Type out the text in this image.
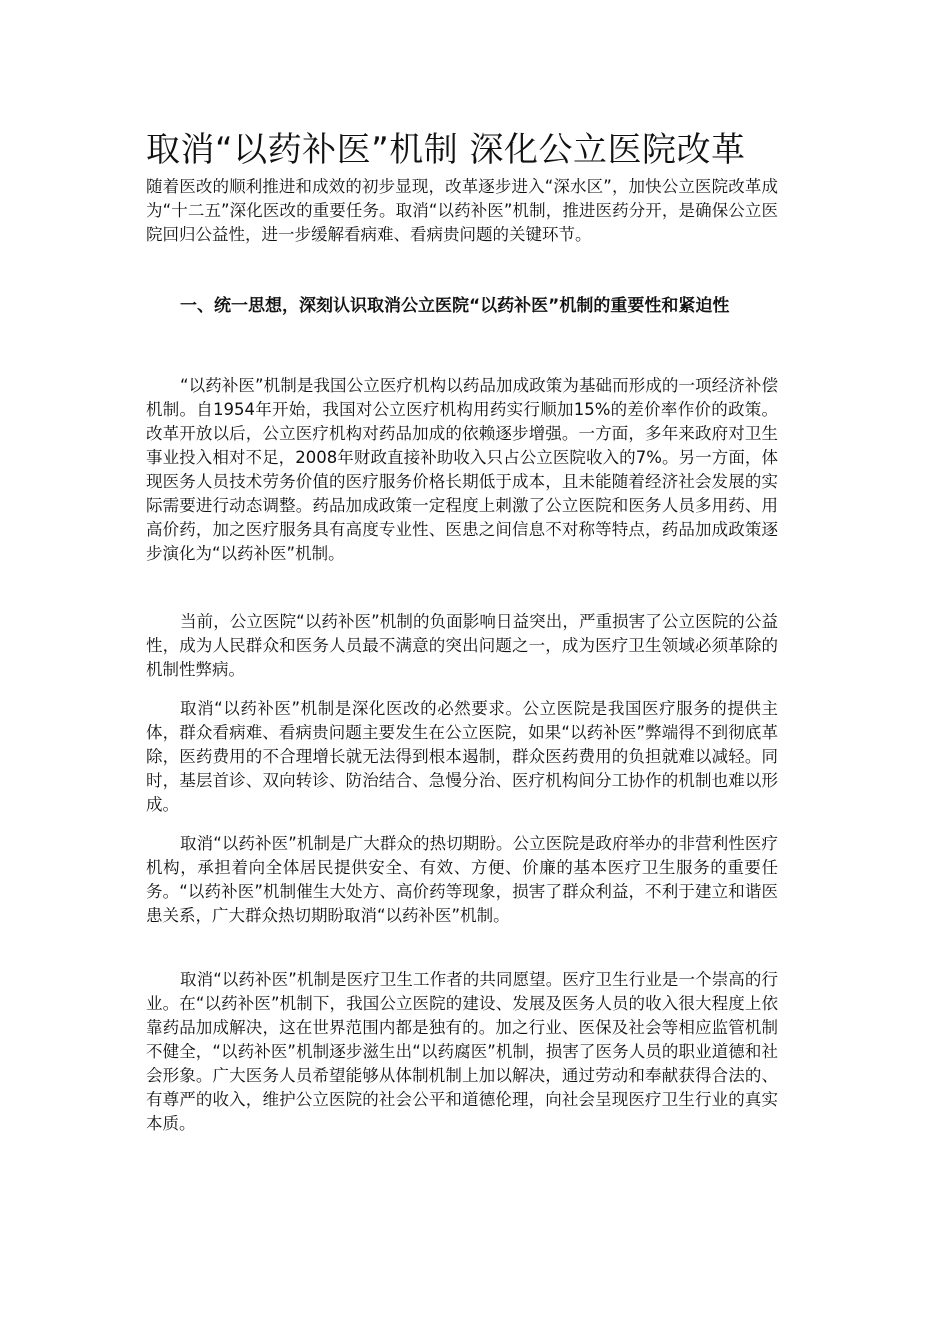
取消“以药补医”机制 深化公立医院改革

随着医改的顺利推进和成效的初步显现，改革逐步进入“深水区”，加快公立医院改革成为“十二五”深化医改的重要任务。取消“以药补医”机制，推进医药分开，是确保公立医院回归公益性，进一步缓解看病难、看病贵问题的关键环节。

一、统一思想，深刻认识取消公立医院“以药补医”机制的重要性和紧迫性

“以药补医”机制是我国公立医疗机构以药品加成政策为基础而形成的一项经济补偿机制。自1954年开始，我国对公立医疗机构用药实行顺加15%的差价率作价的政策。改革开放以后，公立医疗机构对药品加成的依赖逐步增强。一方面，多年来政府对卫生事业投入相对不足，2008年财政直接补助收入只占公立医院收入的7%。另一方面，体现医务人员技术劳务价值的医疗服务价格长期低于成本，且未能随着经济社会发展的实际需要进行动态调整。药品加成政策一定程度上刺激了公立医院和医务人员多用药、用高价药，加之医疗服务具有高度专业性、医患之间信息不对称等特点，药品加成政策逐步演化为“以药补医”机制。

当前，公立医院“以药补医”机制的负面影响日益突出，严重损害了公立医院的公益性，成为人民群众和医务人员最不满意的突出问题之一，成为医疗卫生领域必须革除的机制性弊病。

取消“以药补医”机制是深化医改的必然要求。公立医院是我国医疗服务的提供主体，群众看病难、看病贵问题主要发生在公立医院，如果“以药补医”弊端得不到彻底革除，医药费用的不合理增长就无法得到根本遏制，群众医药费用的负担就难以减轻。同时，基层首诊、双向转诊、防治结合、急慢分治、医疗机构间分工协作的机制也难以形成。

取消“以药补医”机制是广大群众的热切期盼。公立医院是政府举办的非营利性医疗机构，承担着向全体居民提供安全、有效、方便、价廉的基本医疗卫生服务的重要任务。“以药补医”机制催生大处方、高价药等现象，损害了群众利益，不利于建立和谐医患关系，广大群众热切期盼取消“以药补医”机制。

取消“以药补医”机制是医疗卫生工作者的共同愿望。医疗卫生行业是一个崇高的行业。在“以药补医”机制下，我国公立医院的建设、发展及医务人员的收入很大程度上依靠药品加成解决，这在世界范围内都是独有的。加之行业、医保及社会等相应监管机制不健全，“以药补医”机制逐步滋生出“以药腐医”机制，损害了医务人员的职业道德和社会形象。广大医务人员希望能够从体制机制上加以解决，通过劳动和奉献获得合法的、有尊严的收入，维护公立医院的社会公平和道德伦理，向社会呈现医疗卫生行业的真实本质。
